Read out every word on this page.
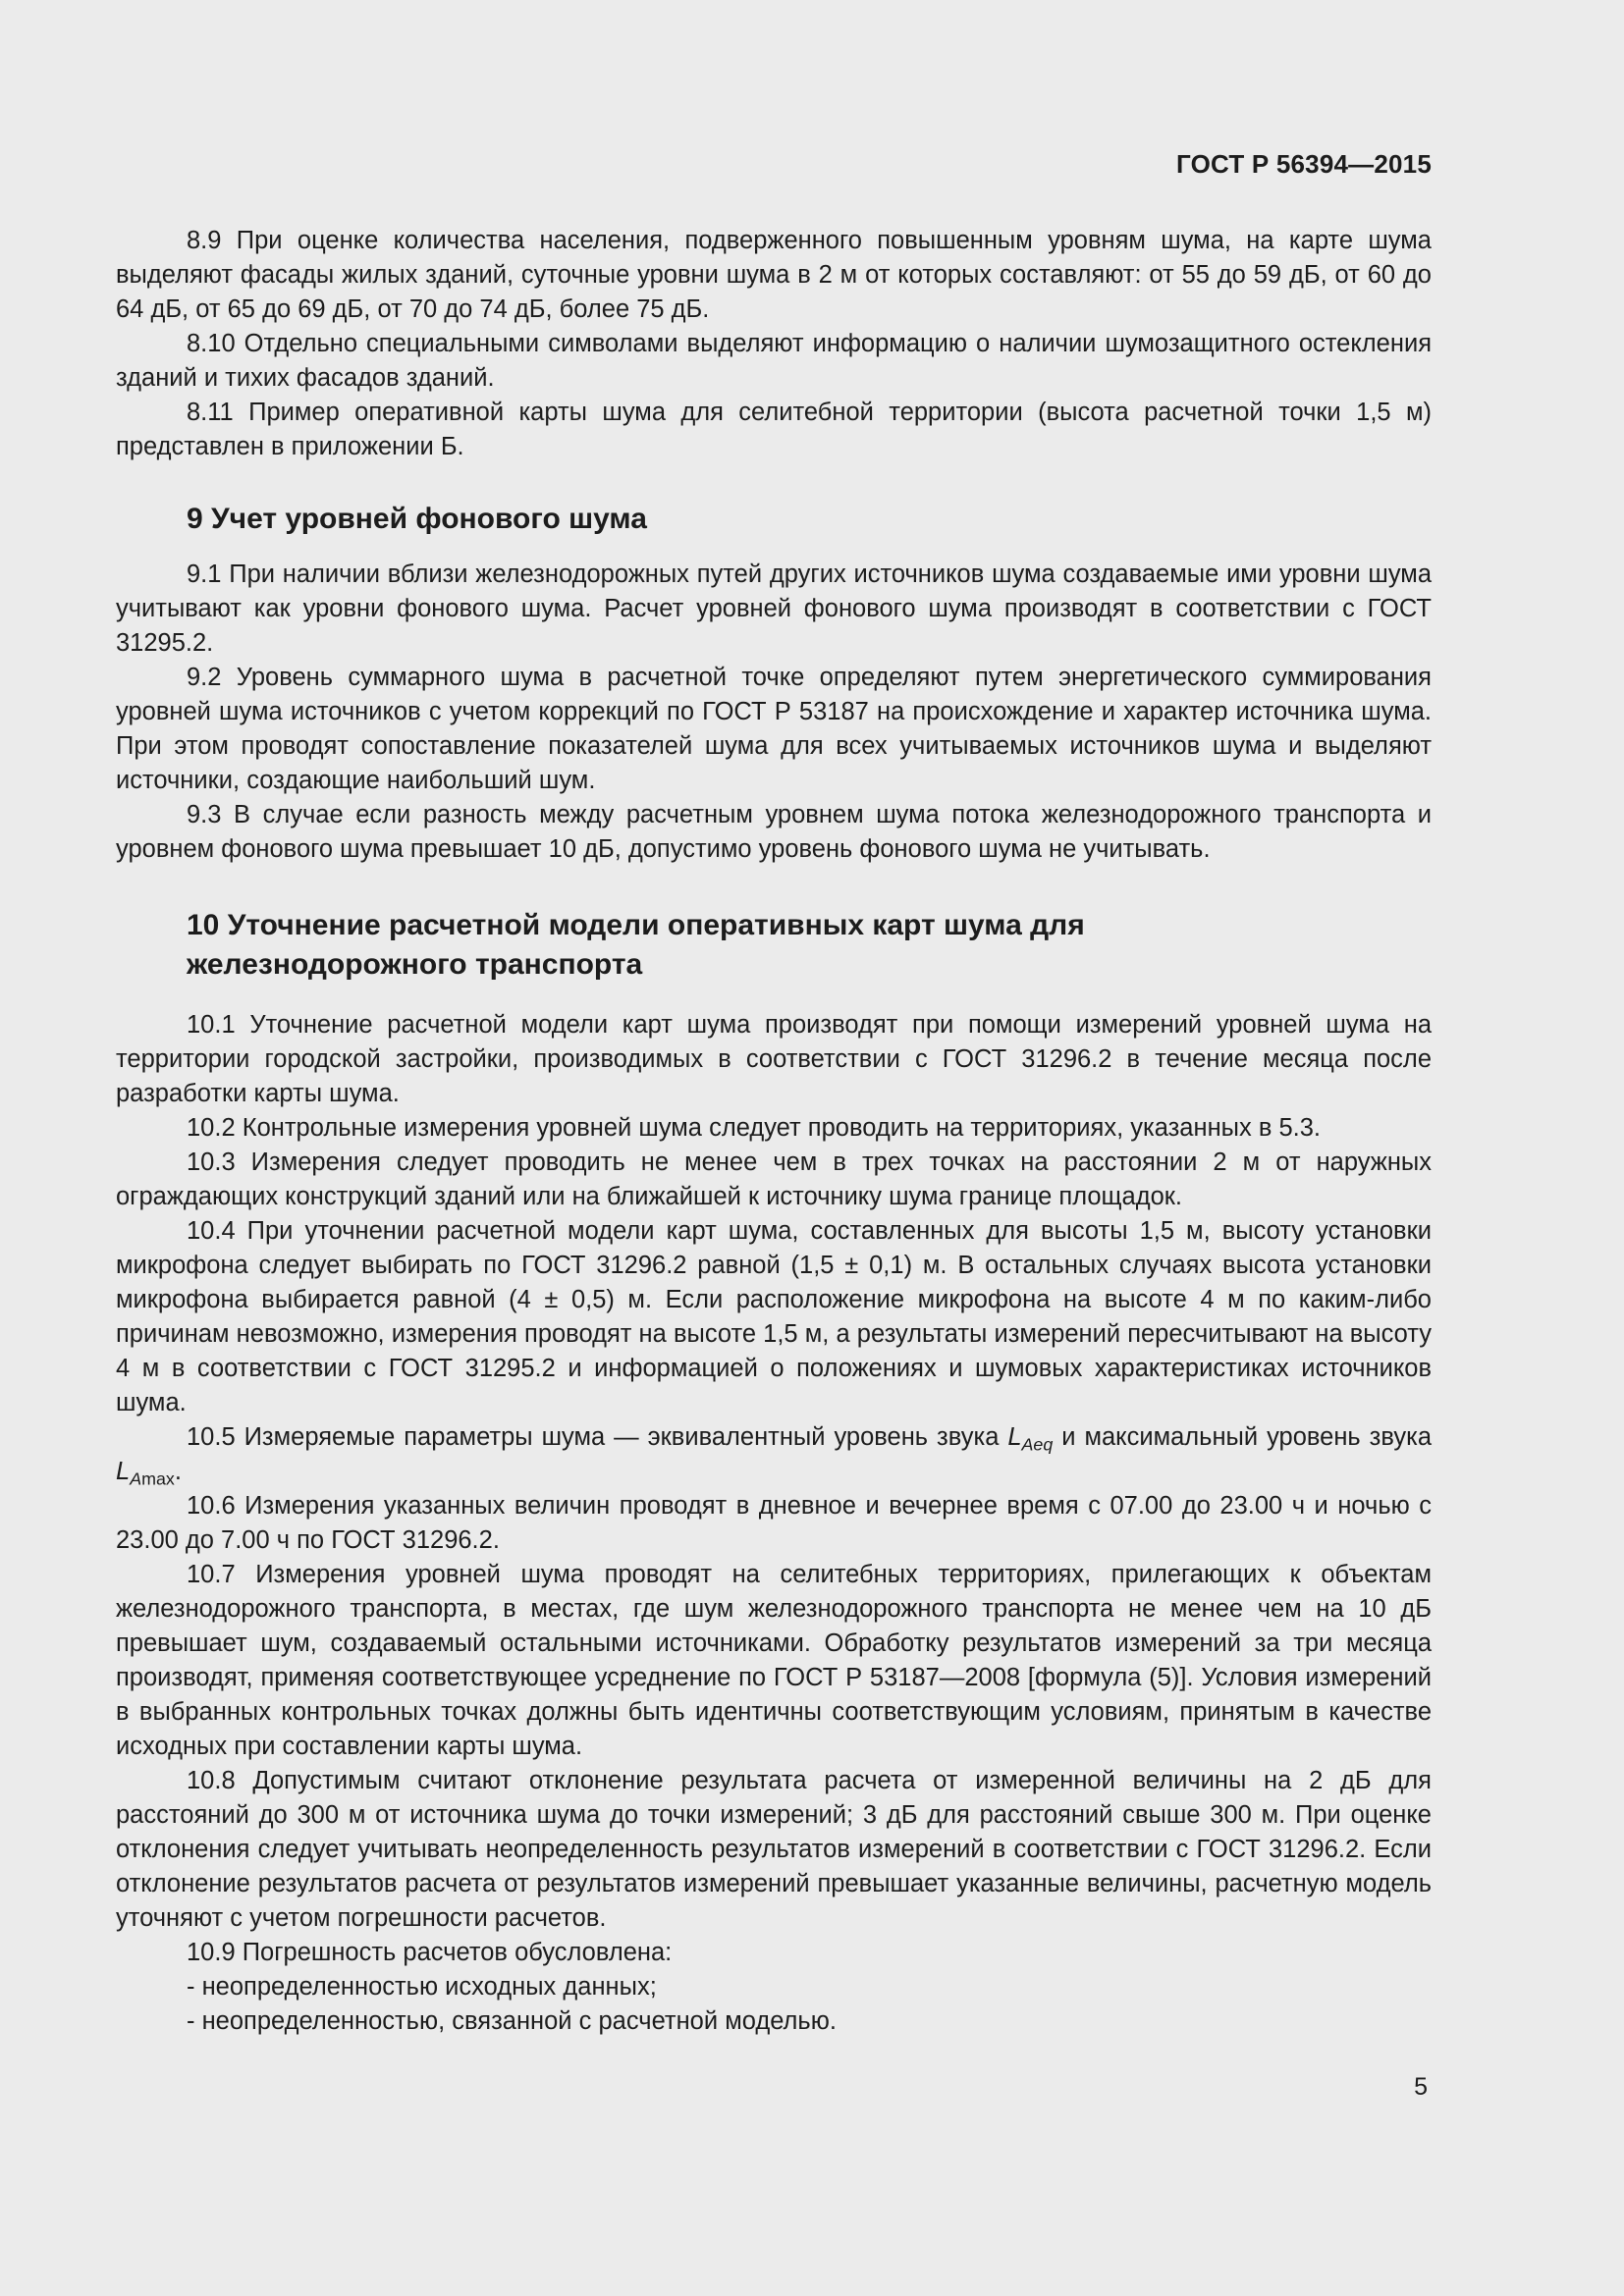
ГОСТ Р 56394—2015

8.9 При оценке количества населения, подверженного повышенным уровням шума, на карте шума выделяют фасады жилых зданий, суточные уровни шума в 2 м от которых составляют: от 55 до 59 дБ, от 60 до 64 дБ, от 65 до 69 дБ, от 70 до 74 дБ, более 75 дБ.

8.10 Отдельно специальными символами выделяют информацию о наличии шумозащитного остекления зданий и тихих фасадов зданий.

8.11 Пример оперативной карты шума для селитебной территории (высота расчетной точки 1,5 м) представлен в приложении Б.

9 Учет уровней фонового шума

9.1 При наличии вблизи железнодорожных путей других источников шума создаваемые ими уровни шума учитывают как уровни фонового шума. Расчет уровней фонового шума производят в соответствии с ГОСТ 31295.2.

9.2 Уровень суммарного шума в расчетной точке определяют путем энергетического суммирования уровней шума источников с учетом коррекций по ГОСТ Р 53187 на происхождение и характер источника шума. При этом проводят сопоставление показателей шума для всех учитываемых источников шума и выделяют источники, создающие наибольший шум.

9.3 В случае если разность между расчетным уровнем шума потока железнодорожного транспорта и уровнем фонового шума превышает 10 дБ, допустимо уровень фонового шума не учитывать.

10 Уточнение расчетной модели оперативных карт шума для
железнодорожного транспорта

10.1 Уточнение расчетной модели карт шума производят при помощи измерений уровней шума на территории городской застройки, производимых в соответствии с ГОСТ 31296.2 в течение месяца после разработки карты шума.

10.2 Контрольные измерения уровней шума следует проводить на территориях, указанных в 5.3.

10.3 Измерения следует проводить не менее чем в трех точках на расстоянии 2 м от наружных ограждающих конструкций зданий или на ближайшей к источнику шума границе площадок.

10.4 При уточнении расчетной модели карт шума, составленных для высоты 1,5 м, высоту установки микрофона следует выбирать по ГОСТ 31296.2 равной (1,5 ± 0,1) м. В остальных случаях высота установки микрофона выбирается равной (4 ± 0,5) м. Если расположение микрофона на высоте 4 м по каким-либо причинам невозможно, измерения проводят на высоте 1,5 м, а результаты измерений пересчитывают на высоту 4 м в соответствии с ГОСТ 31295.2 и информацией о положениях и шумовых характеристиках источников шума.

10.5 Измеряемые параметры шума — эквивалентный уровень звука $L_{Aeq}$ и максимальный уровень звука $L_{Amax}$.

10.6 Измерения указанных величин проводят в дневное и вечернее время с 07.00 до 23.00 ч и ночью с 23.00 до 7.00 ч по ГОСТ 31296.2.

10.7 Измерения уровней шума проводят на селитебных территориях, прилегающих к объектам железнодорожного транспорта, в местах, где шум железнодорожного транспорта не менее чем на 10 дБ превышает шум, создаваемый остальными источниками. Обработку результатов измерений за три месяца производят, применяя соответствующее усреднение по ГОСТ Р 53187—2008 [формула (5)]. Условия измерений в выбранных контрольных точках должны быть идентичны соответствующим условиям, принятым в качестве исходных при составлении карты шума.

10.8 Допустимым считают отклонение результата расчета от измеренной величины на 2 дБ для расстояний до 300 м от источника шума до точки измерений; 3 дБ для расстояний свыше 300 м. При оценке отклонения следует учитывать неопределенность результатов измерений в соответствии с ГОСТ 31296.2. Если отклонение результатов расчета от результатов измерений превышает указанные величины, расчетную модель уточняют с учетом погрешности расчетов.

10.9 Погрешность расчетов обусловлена:

- неопределенностью исходных данных;

- неопределенностью, связанной с расчетной моделью.

5
